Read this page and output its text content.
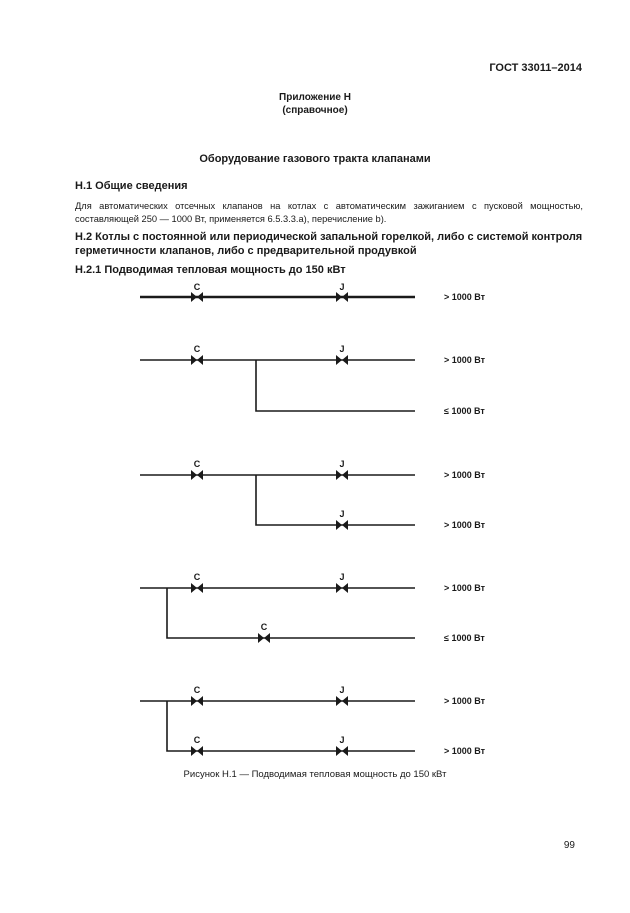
ГОСТ 33011–2014
Приложение Н
(справочное)
Оборудование газового тракта клапанами
Н.1 Общие сведения
Для автоматических отсечных клапанов на котлах с автоматическим зажиганием с пусковой мощностью, составляющей 250 — 1000 Вт, применяется 6.5.3.3.а), перечисление b).
Н.2 Котлы с постоянной или периодической запальной горелкой, либо с системой контроля герметичности клапанов, либо с предварительной продувкой
Н.2.1 Подводимая тепловая мощность до 150 кВт
С	J
> 1000 Вт
С	J
> 1000 Вт
≤ 1000 Вт
С	J
J
> 1000 Вт
> 1000 Вт
С	J
С
> 1000 Вт
≤ 1000 Вт
С	J
С	J
> 1000 Вт
> 1000 Вт
Рисунок Н.1 — Подводимая тепловая мощность до 150 кВт
99
